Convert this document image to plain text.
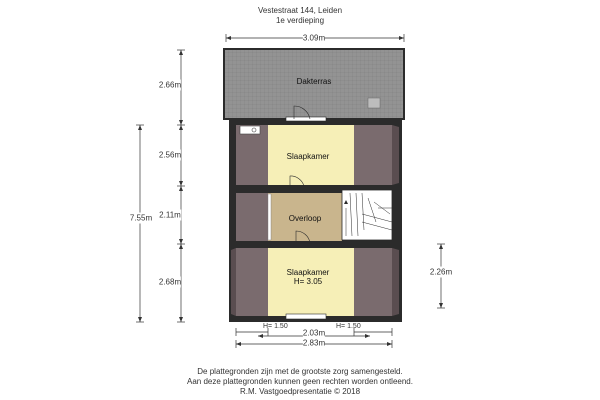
Vestestraat 144, Leiden
1e verdieping
Dakterras
Slaapkamer
Overloop
Slaapkamer
H= 3.05
3.09m
2.66m
2.56m
2.11m
2.68m
7.55m
2.26m
H= 1.50	H= 1.50
2.03m
2.83m
De plattegronden zijn met de grootste zorg samengesteld.
Aan deze plattegronden kunnen geen rechten worden ontleend.
R.M. Vastgoedpresentatie © 2018
